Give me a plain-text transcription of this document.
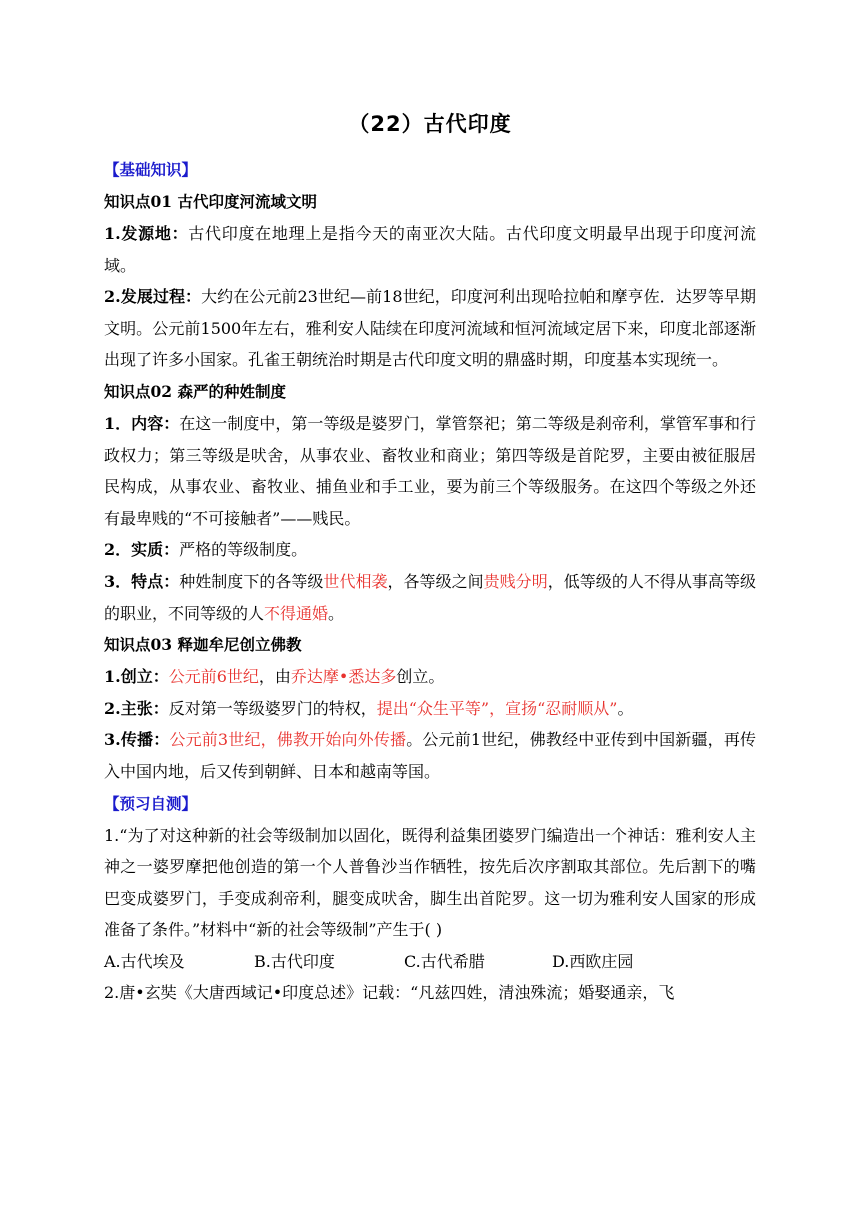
（22）古代印度
【基础知识】
知识点01 古代印度河流域文明
1.发源地：古代印度在地理上是指今天的南亚次大陆。古代印度文明最早出现于印度河流域。
2.发展过程：大约在公元前23世纪—前18世纪，印度河利出现哈拉帕和摩亨佐．达罗等早期文明。公元前1500年左右，雅利安人陆续在印度河流域和恒河流域定居下来，印度北部逐渐出现了许多小国家。孔雀王朝统治时期是古代印度文明的鼎盛时期，印度基本实现统一。
知识点02 森严的种姓制度
1．内容：在这一制度中，第一等级是婆罗门，掌管祭祀；第二等级是刹帝利，掌管军事和行政权力；第三等级是吠舍，从事农业、畜牧业和商业；第四等级是首陀罗，主要由被征服居民构成，从事农业、畜牧业、捕鱼业和手工业，要为前三个等级服务。在这四个等级之外还有最卑贱的“不可接触者”——贱民。
2．实质：严格的等级制度。
3．特点：种姓制度下的各等级世代相袭，各等级之间贵贱分明，低等级的人不得从事高等级的职业，不同等级的人不得通婚。
知识点03 释迦牟尼创立佛教
1.创立：公元前6世纪，由乔达摩•悉达多创立。
2.主张：反对第一等级婆罗门的特权，提出“众生平等”，宣扬“忍耐顺从”。
3.传播：公元前3世纪，佛教开始向外传播。公元前1世纪，佛教经中亚传到中国新疆，再传入中国内地，后又传到朝鲜、日本和越南等国。
【预习自测】
1.“为了对这种新的社会等级制加以固化，既得利益集团婆罗门编造出一个神话：雅利安人主神之一婆罗摩把他创造的第一个人普鲁沙当作牺牲，按先后次序割取其部位。先后割下的嘴巴变成婆罗门，手变成刹帝利，腿变成吠舍，脚生出首陀罗。这一切为雅利安人国家的形成准备了条件。”材料中“新的社会等级制”产生于( )
A.古代埃及	B.古代印度	C.古代希腊	D.西欧庄园
2.唐•玄奘《大唐西域记•印度总述》记载：“凡兹四姓，清浊殊流；婚娶通亲，飞
